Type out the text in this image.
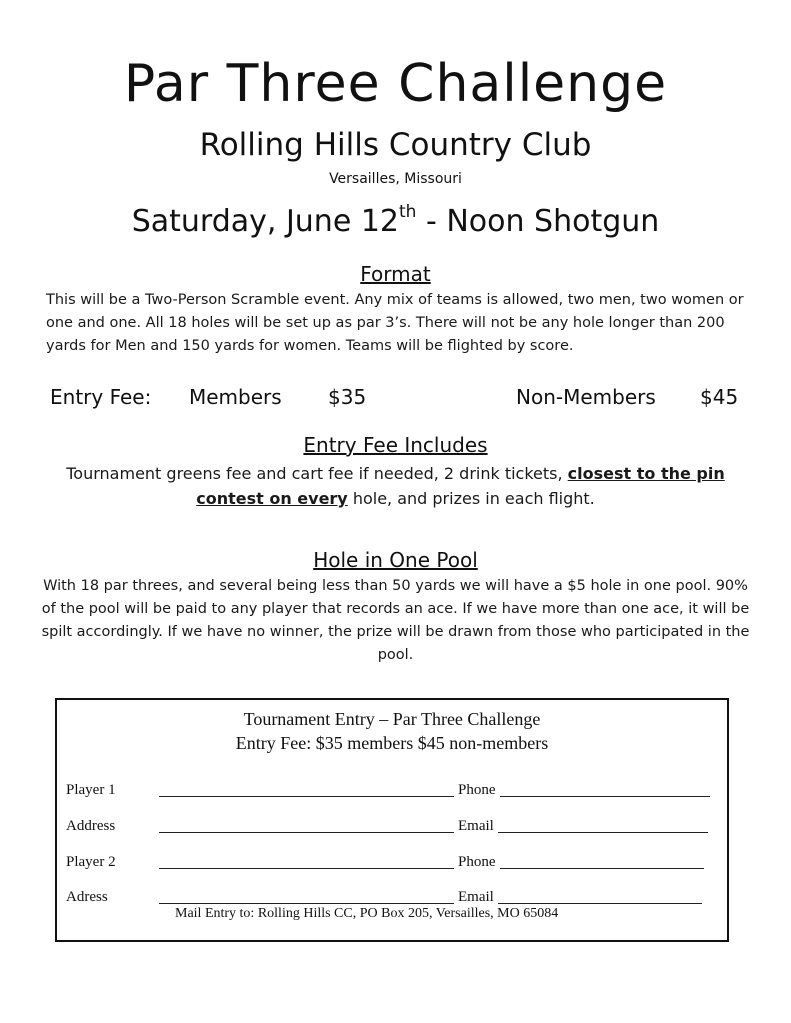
Par Three Challenge
Rolling Hills Country Club
Versailles, Missouri
Saturday, June 12th - Noon Shotgun
Format
This will be a Two-Person Scramble event. Any mix of teams is allowed, two men, two women or one and one. All 18 holes will be set up as par 3’s. There will not be any hole longer than 200 yards for Men and 150 yards for women. Teams will be flighted by score.
Entry Fee: Members $35	Non-Members $45
Entry Fee Includes
Tournament greens fee and cart fee if needed, 2 drink tickets, closest to the pin contest on every hole, and prizes in each flight.
Hole in One Pool
With 18 par threes, and several being less than 50 yards we will have a $5 hole in one pool. 90% of the pool will be paid to any player that records an ace. If we have more than one ace, it will be spilt accordingly. If we have no winner, the prize will be drawn from those who participated in the pool.
Tournament Entry – Par Three Challenge
Entry Fee: $35 members $45 non-members
Player 1	Phone
Address	Email
Player 2	Phone
Adress	Email
Mail Entry to: Rolling Hills CC, PO Box 205, Versailles, MO 65084
